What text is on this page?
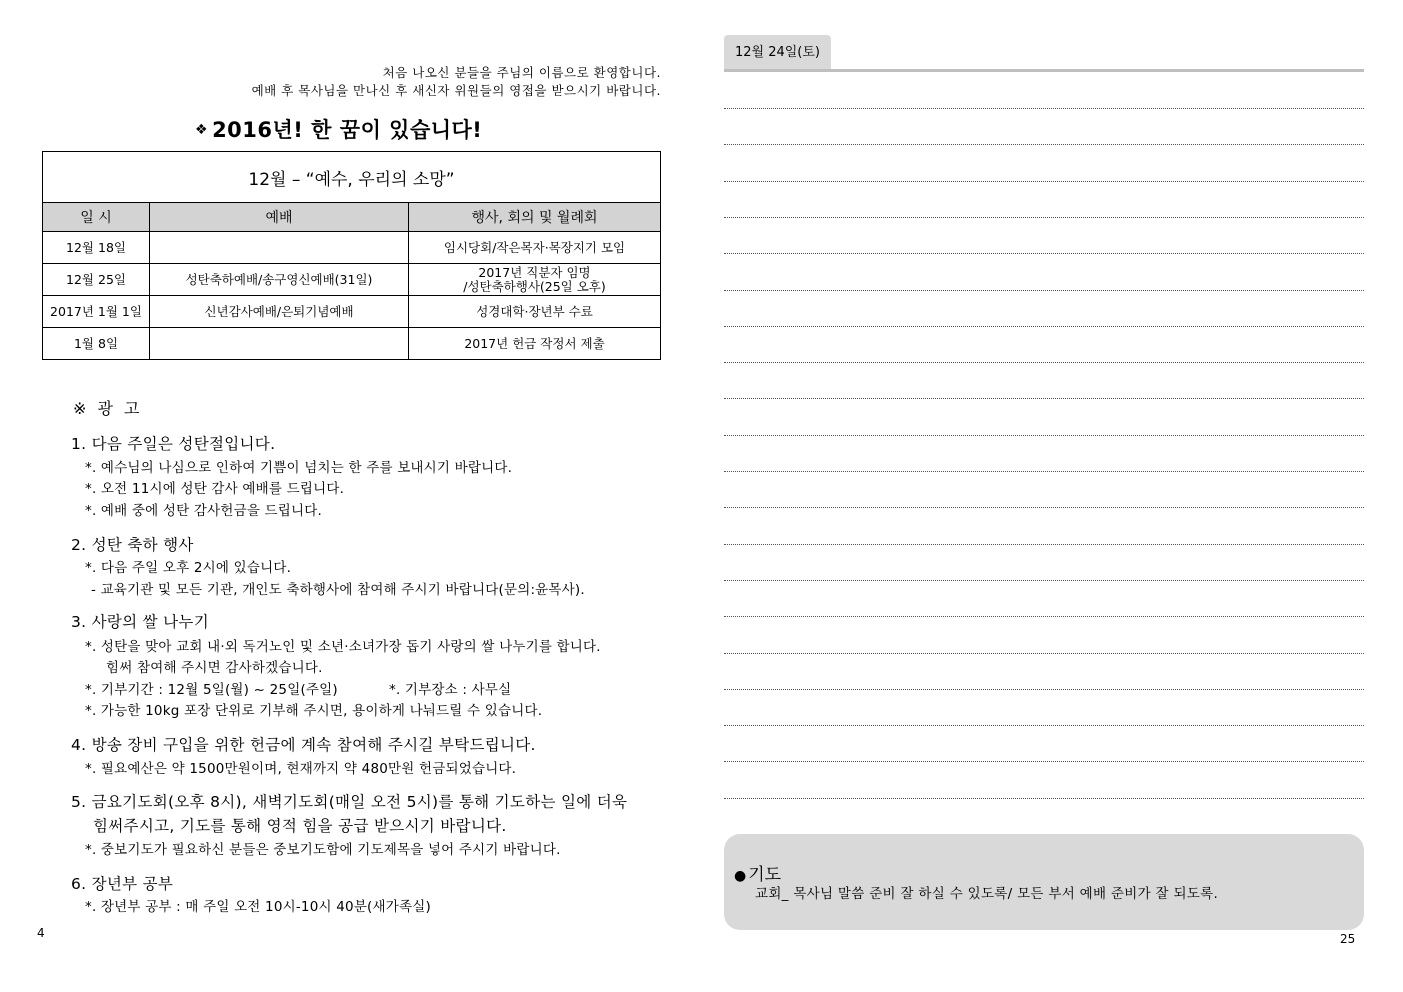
처음 나오신 분들을 주님의 이름으로 환영합니다.
예배 후 목사님을 만나신 후 새신자 위원들의 영접을 받으시기 바랍니다.
❖ 2016년! 한 꿈이 있습니다!
12월 – “예수, 우리의 소망”		
일 시	예배	행사, 회의 및 월례회
12월 18일		임시당회/작은목자·목장지기 모임
12월 25일	성탄축하예배/송구영신예배(31일)	2017년 직분자 임명
/성탄축하행사(25일 오후)

2017년 1월 1일	신년감사예배/은퇴기념예배	성경대학·장년부 수료
1월 8일		2017년 헌금 작정서 제출
※ 광 고
1. 다음 주일은 성탄절입니다.
*. 예수님의 나심으로 인하여 기쁨이 넘치는 한 주를 보내시기 바랍니다.
*. 오전 11시에 성탄 감사 예배를 드립니다.
*. 예배 중에 성탄 감사헌금을 드립니다.
2. 성탄 축하 행사
*. 다음 주일 오후 2시에 있습니다.
- 교육기관 및 모든 기관, 개인도 축하행사에 참여해 주시기 바랍니다(문의:윤목사).
3. 사랑의 쌀 나누기
*. 성탄을 맞아 교회 내·외 독거노인 및 소년·소녀가장 돕기 사랑의 쌀 나누기를 합니다.
힘써 참여해 주시면 감사하겠습니다.
*. 기부기간 : 12월 5일(월) ~ 25일(주일)	*. 기부장소 : 사무실
*. 가능한 10kg 포장 단위로 기부해 주시면, 용이하게 나눠드릴 수 있습니다.
4. 방송 장비 구입을 위한 헌금에 계속 참여해 주시길 부탁드립니다.
*. 필요예산은 약 1500만원이며, 현재까지 약 480만원 헌금되었습니다.
5. 금요기도회(오후 8시), 새벽기도회(매일 오전 5시)를 통해 기도하는 일에 더욱
힘써주시고, 기도를 통해 영적 힘을 공급 받으시기 바랍니다.
*. 중보기도가 필요하신 분들은 중보기도함에 기도제목을 넣어 주시기 바랍니다.
6. 장년부 공부
*. 장년부 공부 : 매 주일 오전 10시-10시 40분(새가족실)
4
12월 24일(토)
● 기도
교회_ 목사님 말씀 준비 잘 하실 수 있도록/ 모든 부서 예배 준비가 잘 되도록.
25
